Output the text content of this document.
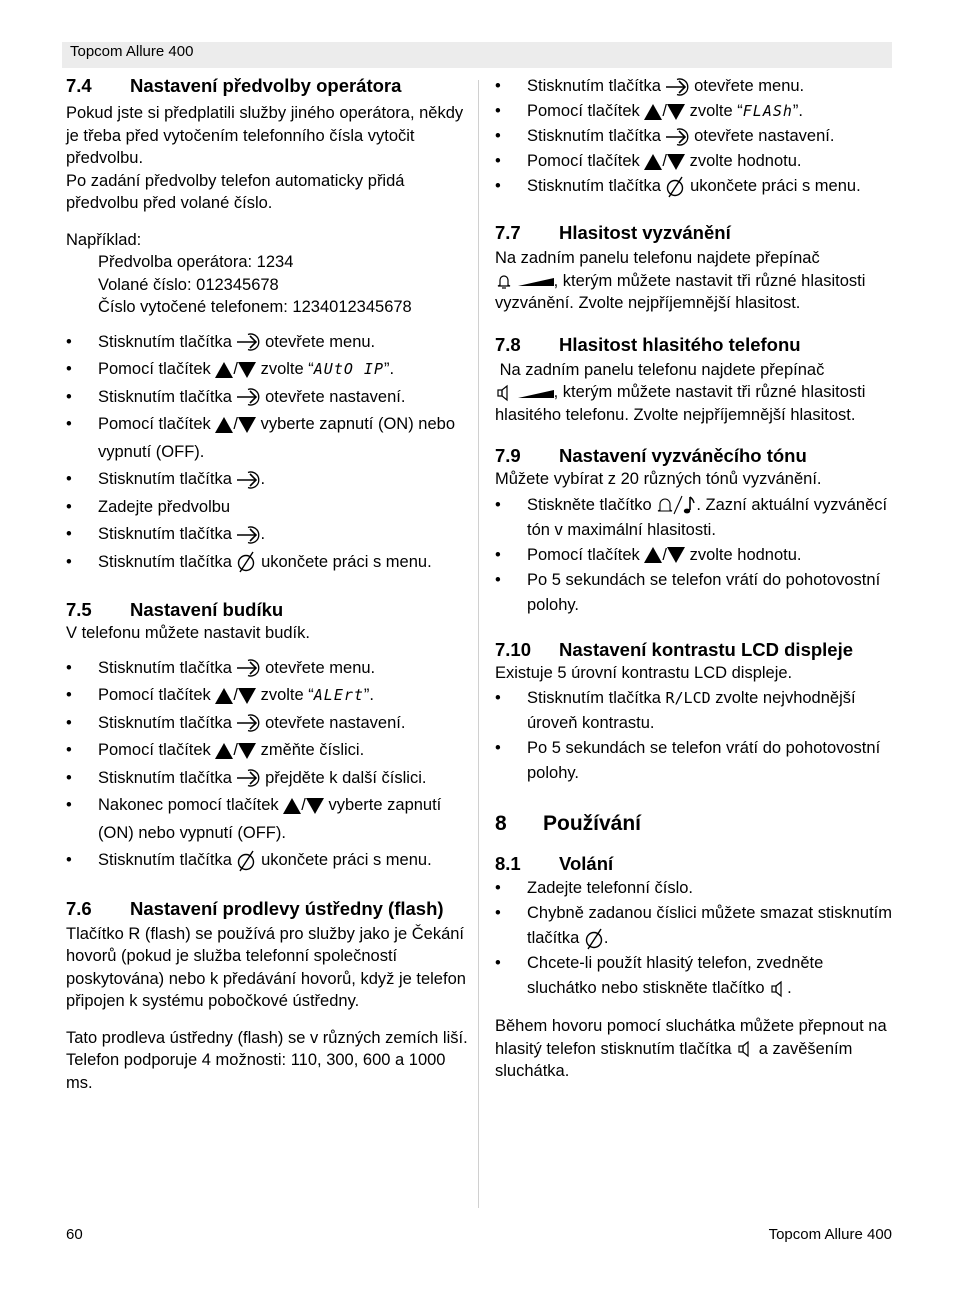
Topcom Allure 400
7.4	Nastavení předvolby operátora

Pokud jste si předplatili služby jiného operátora, někdy je třeba před vytočením telefonního čísla vytočit předvolbu.

Po zadání předvolby telefon automaticky přidá předvolbu před volané číslo.

Například:

Předvolba operátora: 1234

Volané číslo: 012345678

Číslo vytočené telefonem: 1234012345678

• Stisknutím tlačítka otevřete menu.
• Pomocí tlačítek / zvolte “AUtO IP”.
• Stisknutím tlačítka otevřete nastavení.
• Pomocí tlačítek / vyberte zapnutí (ON) nebo vypnutí (OFF).
• Stisknutím tlačítka .
• Zadejte předvolbu
• Stisknutím tlačítka .
• Stisknutím tlačítka ukončete práci s menu.
7.5	Nastavení budíku

V telefonu můžete nastavit budík.

• Stisknutím tlačítka otevřete menu.
• Pomocí tlačítek / zvolte “ALErt”.
• Stisknutím tlačítka otevřete nastavení.
• Pomocí tlačítek / změňte číslici.
• Stisknutím tlačítka přejděte k další číslici.
• Nakonec pomocí tlačítek / vyberte zapnutí (ON) nebo vypnutí (OFF).
• Stisknutím tlačítka ukončete práci s menu.
7.6	Nastavení prodlevy ústředny (flash)

Tlačítko R (flash) se používá pro služby jako je Čekání hovorů (pokud je služba telefonní společností poskytována) nebo k předávání hovorů, když je telefon připojen k systému pobočkové ústředny.

Tato prodleva ústředny (flash) se v různých zemích liší.

Telefon podporuje 4 možnosti: 110, 300, 600 a 1000 ms.

• Stisknutím tlačítka otevřete menu.
• Pomocí tlačítek / zvolte “FLASh”.
• Stisknutím tlačítka otevřete nastavení.
• Pomocí tlačítek / zvolte hodnotu.
• Stisknutím tlačítka ukončete práci s menu.
7.7	Hlasitost vyzvánění

Na zadním panelu telefonu najdete přepínač

, kterým můžete nastavit tři různé hlasitosti vyzvánění. Zvolte nejpříjemnější hlasitost.

7.8	Hlasitost hlasitého telefonu

Na zadním panelu telefonu najdete přepínač

, kterým můžete nastavit tři různé hlasitosti hlasitého telefonu. Zvolte nejpříjemnější hlasitost.

7.9	Nastavení vyzváněcího tónu

Můžete vybírat z 20 různých tónů vyzvánění.

• Stiskněte tlačítko	. Zazní aktuální vyzváněcí tón v maximální hlasitosti.
• Pomocí tlačítek / zvolte hodnotu.
• Po 5 sekundách se telefon vrátí do pohotovostní polohy.
7.10	Nastavení kontrastu LCD displeje

Existuje 5 úrovní kontrastu LCD displeje.

• Stisknutím tlačítka R/LCD zvolte nejvhodnější úroveň kontrastu.
• Po 5 sekundách se telefon vrátí do pohotovostní polohy.
8	Používání
8.1	Volání
• Zadejte telefonní číslo.
• Chybně zadanou číslici můžete smazat stisknutím tlačítka .
• Chcete-li použít hlasitý telefon, zvedněte sluchátko nebo stiskněte tlačítko .

Během hovoru pomocí sluchátka můžete přepnout na hlasitý telefon stisknutím tlačítka a zavěšením sluchátka.

60	Topcom Allure 400
